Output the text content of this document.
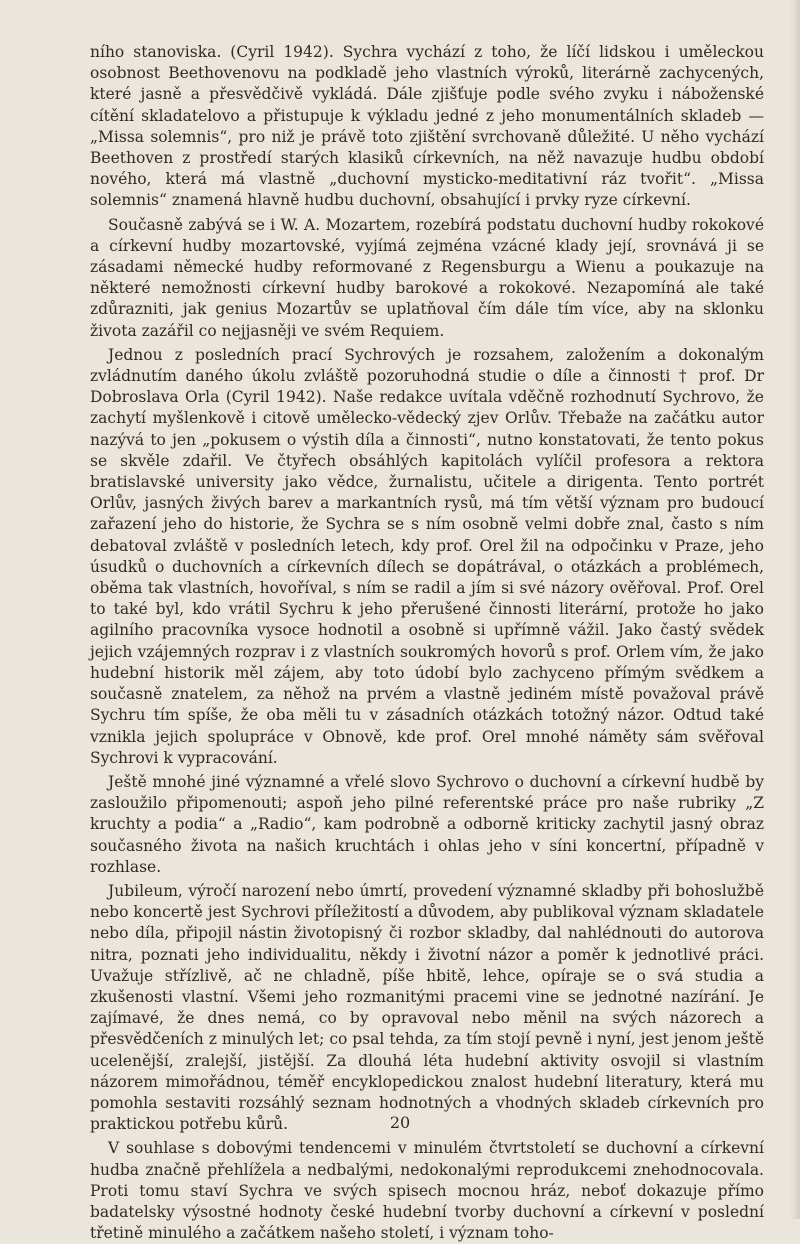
ního stanoviska. (Cyril 1942). Sychra vychází z toho, že líčí lidskou i uměleckou osobnost Beethovenovu na podkladě jeho vlastních výroků, literárně zachycených, které jasně a přesvědčivě vykládá. Dále zjišťuje podle svého zvyku i náboženské cítění skladatelovo a přistupuje k výkladu jedné z jeho monumentálních skladeb — „Missa solemnis“, pro niž je právě toto zjištění svrchovaně důležité. U něho vychází Beethoven z prostředí starých klasiků církevních, na něž navazuje hudbu období nového, která má vlastně „duchovní mysticko-meditativní ráz tvořit“. „Missa solemnis“ znamená hlavně hudbu duchovní, obsahující i prvky ryze církevní.

Současně zabývá se i W. A. Mozartem, rozebírá podstatu duchovní hudby rokokové a církevní hudby mozartovské, vyjímá zejména vzácné klady její, srovnává ji se zásadami německé hudby reformované z Regensburgu a Wienu a poukazuje na některé nemožnosti církevní hudby barokové a rokokové. Nezapomíná ale také zdůrazniti, jak genius Mozartův se uplatňoval čím dále tím více, aby na sklonku života zazářil co nejjasněji ve svém Requiem.

Jednou z posledních prací Sychrových je rozsahem, založením a dokonalým zvládnutím daného úkolu zvláště pozoruhodná studie o díle a činnosti † prof. Dr Dobroslava Orla (Cyril 1942). Naše redakce uvítala vděčně rozhodnutí Sychrovo, že zachytí myšlenkově i citově umělecko-vědecký zjev Orlův. Třebaže na začátku autor nazývá to jen „pokusem o výstih díla a činnosti“, nutno konstatovati, že tento pokus se skvěle zdařil. Ve čtyřech obsáhlých kapitolách vylíčil profesora a rektora bratislavské university jako vědce, žurnalistu, učitele a dirigenta. Tento portrét Orlův, jasných živých barev a markantních rysů, má tím větší význam pro budoucí zařazení jeho do historie, že Sychra se s ním osobně velmi dobře znal, často s ním debatoval zvláště v posledních letech, kdy prof. Orel žil na odpočinku v Praze, jeho úsudků o duchovních a církevních dílech se dopátrával, o otázkách a problémech, oběma tak vlastních, hovoříval, s ním se radil a jím si své názory ověřoval. Prof. Orel to také byl, kdo vrátil Sychru k jeho přerušené činnosti literární, protože ho jako agilního pracovníka vysoce hodnotil a osobně si upřímně vážil. Jako častý svědek jejich vzájemných rozprav i z vlastních soukromých hovorů s prof. Orlem vím, že jako hudební historik měl zájem, aby toto údobí bylo zachyceno přímým svědkem a současně znatelem, za něhož na prvém a vlastně jediném místě považoval právě Sychru tím spíše, že oba měli tu v zásadních otázkách totožný názor. Odtud také vznikla jejich spolupráce v Obnově, kde prof. Orel mnohé náměty sám svěřoval Sychrovi k vypracování.

Ještě mnohé jiné významné a vřelé slovo Sychrovo o duchovní a církevní hudbě by zasloužilo připomenouti; aspoň jeho pilné referentské práce pro naše rubriky „Z kruchty a podia“ a „Radio“, kam podrobně a odborně kriticky zachytil jasný obraz současného života na našich kruchtách i ohlas jeho v síni koncertní, případně v rozhlase.

Jubileum, výročí narození nebo úmrtí, provedení významné skladby při bohoslužbě nebo koncertě jest Sychrovi příležitostí a důvodem, aby publikoval význam skladatele nebo díla, připojil nástin životopisný či rozbor skladby, dal nahlédnouti do autorova nitra, poznati jeho individualitu, někdy i životní názor a poměr k jednotlivé práci. Uvažuje střízlivě, ač ne chladně, píše hbitě, lehce, opíraje se o svá studia a zkušenosti vlastní. Všemi jeho rozmanitými pracemi vine se jednotné nazírání. Je zajímavé, že dnes nemá, co by opravoval nebo měnil na svých názorech a přesvědčeních z minulých let; co psal tehda, za tím stojí pevně i nyní, jest jenom ještě ucelenější, zralejší, jistější. Za dlouhá léta hudební aktivity osvojil si vlastním názorem mimořádnou, téměř encyklopedickou znalost hudební literatury, která mu pomohla sestaviti rozsáhlý seznam hodnotných a vhodných skladeb církevních pro praktickou potřebu kůrů.

V souhlase s dobovými tendencemi v minulém čtvrtstoletí se duchovní a církevní hudba značně přehlížela a nedbalými, nedokonalými reprodukcemi znehodnocovala. Proti tomu staví Sychra ve svých spisech mocnou hráz, neboť dokazuje přímo badatelsky výsostné hodnoty české hudební tvorby duchovní a církevní v poslední třetině minulého a začátkem našeho století, i význam toho-

20
